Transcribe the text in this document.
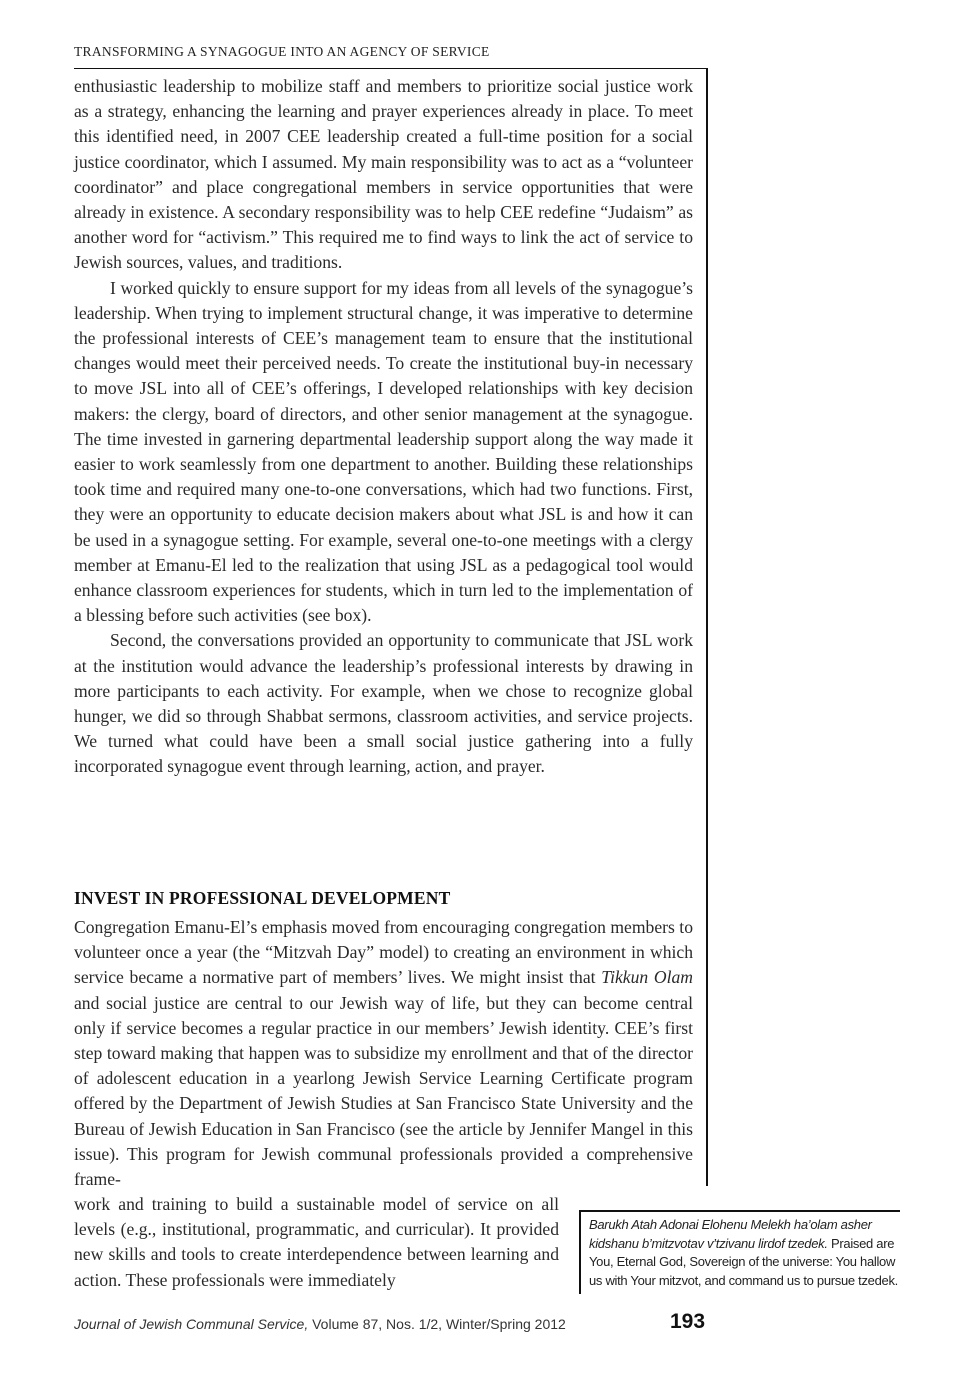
TRANSFORMING A SYNAGOGUE INTO AN AGENCY OF SERVICE

enthusiastic leadership to mobilize staff and members to prioritize social justice work as a strategy, enhancing the learning and prayer experiences already in place. To meet this identified need, in 2007 CEE leadership created a full-time position for a social justice coordinator, which I assumed. My main responsibility was to act as a “volunteer coordinator” and place congregational members in service opportunities that were already in existence. A secondary responsibility was to help CEE redefine “Judaism” as another word for “activism.” This required me to find ways to link the act of service to Jewish sources, values, and traditions.

I worked quickly to ensure support for my ideas from all levels of the synagogue’s leadership. When trying to implement structural change, it was imperative to determine the professional interests of CEE’s management team to ensure that the institutional changes would meet their perceived needs. To create the institutional buy-in necessary to move JSL into all of CEE’s offerings, I developed relationships with key decision makers: the clergy, board of directors, and other senior management at the synagogue. The time invested in garnering departmental leadership support along the way made it easier to work seamlessly from one department to another. Building these relationships took time and required many one-to-one conversations, which had two functions. First, they were an opportunity to educate decision makers about what JSL is and how it can be used in a synagogue setting. For example, several one-to-one meetings with a clergy member at Emanu-El led to the realization that using JSL as a pedagogical tool would enhance classroom experiences for students, which in turn led to the implementation of a blessing before such activities (see box).

Second, the conversations provided an opportunity to communicate that JSL work at the institution would advance the leadership’s professional interests by drawing in more participants to each activity. For example, when we chose to recognize global hunger, we did so through Shabbat sermons, classroom activities, and service projects. We turned what could have been a small social justice gathering into a fully incorporated synagogue event through learning, action, and prayer.

INVEST IN PROFESSIONAL DEVELOPMENT

Congregation Emanu-El’s emphasis moved from encouraging congregation members to volunteer once a year (the “Mitzvah Day” model) to creating an environment in which service became a normative part of members’ lives. We might insist that Tikkun Olam and social justice are central to our Jewish way of life, but they can become central only if service becomes a regular practice in our members’ Jewish identity. CEE’s first step toward making that happen was to subsidize my enrollment and that of the director of adolescent education in a yearlong Jewish Service Learning Certificate program offered by the Department of Jewish Studies at San Francisco State University and the Bureau of Jewish Education in San Francisco (see the article by Jennifer Mangel in this issue). This program for Jewish communal professionals provided a comprehensive frame-

work and training to build a sustainable model of service on all levels (e.g., institutional, programmatic, and curricular). It provided new skills and tools to create interdependence between learning and action. These professionals were immediately

Barukh Atah Adonai Elohenu Melekh ha’olam asher kidshanu b’mitzvotav v’tzivanu lirdof tzedek. Praised are You, Eternal God, Sovereign of the universe: You hallow us with Your mitzvot, and command us to pursue tzedek.
Journal of Jewish Communal Service, Volume 87, Nos. 1/2, Winter/Spring 2012	193
